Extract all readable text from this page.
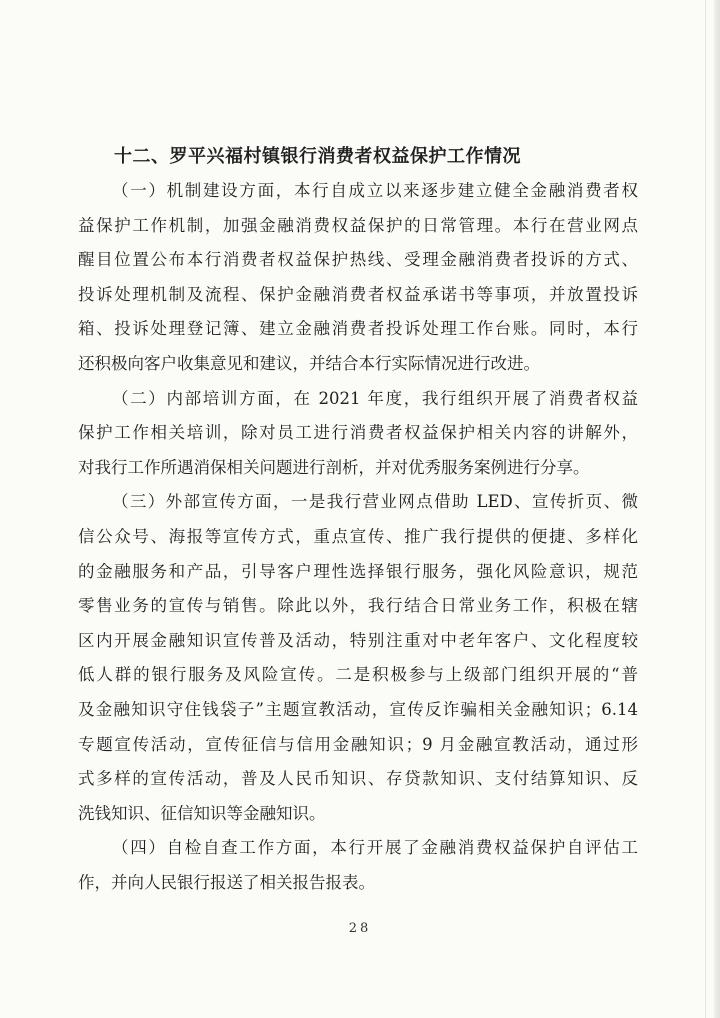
十二、罗平兴福村镇银行消费者权益保护工作情况

（一）机制建设方面，本行自成立以来逐步建立健全金融消费者权
益保护工作机制，加强金融消费权益保护的日常管理。本行在营业网点
醒目位置公布本行消费者权益保护热线、受理金融消费者投诉的方式、
投诉处理机制及流程、保护金融消费者权益承诺书等事项，并放置投诉
箱、投诉处理登记簿、建立金融消费者投诉处理工作台账。同时，本行
还积极向客户收集意见和建议，并结合本行实际情况进行改进。

（二）内部培训方面，在 2021 年度，我行组织开展了消费者权益
保护工作相关培训，除对员工进行消费者权益保护相关内容的讲解外，
对我行工作所遇消保相关问题进行剖析，并对优秀服务案例进行分享。

（三）外部宣传方面，一是我行营业网点借助 LED、宣传折页、微
信公众号、海报等宣传方式，重点宣传、推广我行提供的便捷、多样化
的金融服务和产品，引导客户理性选择银行服务，强化风险意识，规范
零售业务的宣传与销售。除此以外，我行结合日常业务工作，积极在辖
区内开展金融知识宣传普及活动，特别注重对中老年客户、文化程度较
低人群的银行服务及风险宣传。二是积极参与上级部门组织开展的“普
及金融知识守住钱袋子”主题宣教活动，宣传反诈骗相关金融知识；6.14
专题宣传活动，宣传征信与信用金融知识；9 月金融宣教活动，通过形
式多样的宣传活动，普及人民币知识、存贷款知识、支付结算知识、反
洗钱知识、征信知识等金融知识。

（四）自检自查工作方面，本行开展了金融消费权益保护自评估工
作，并向人民银行报送了相关报告报表。

28
